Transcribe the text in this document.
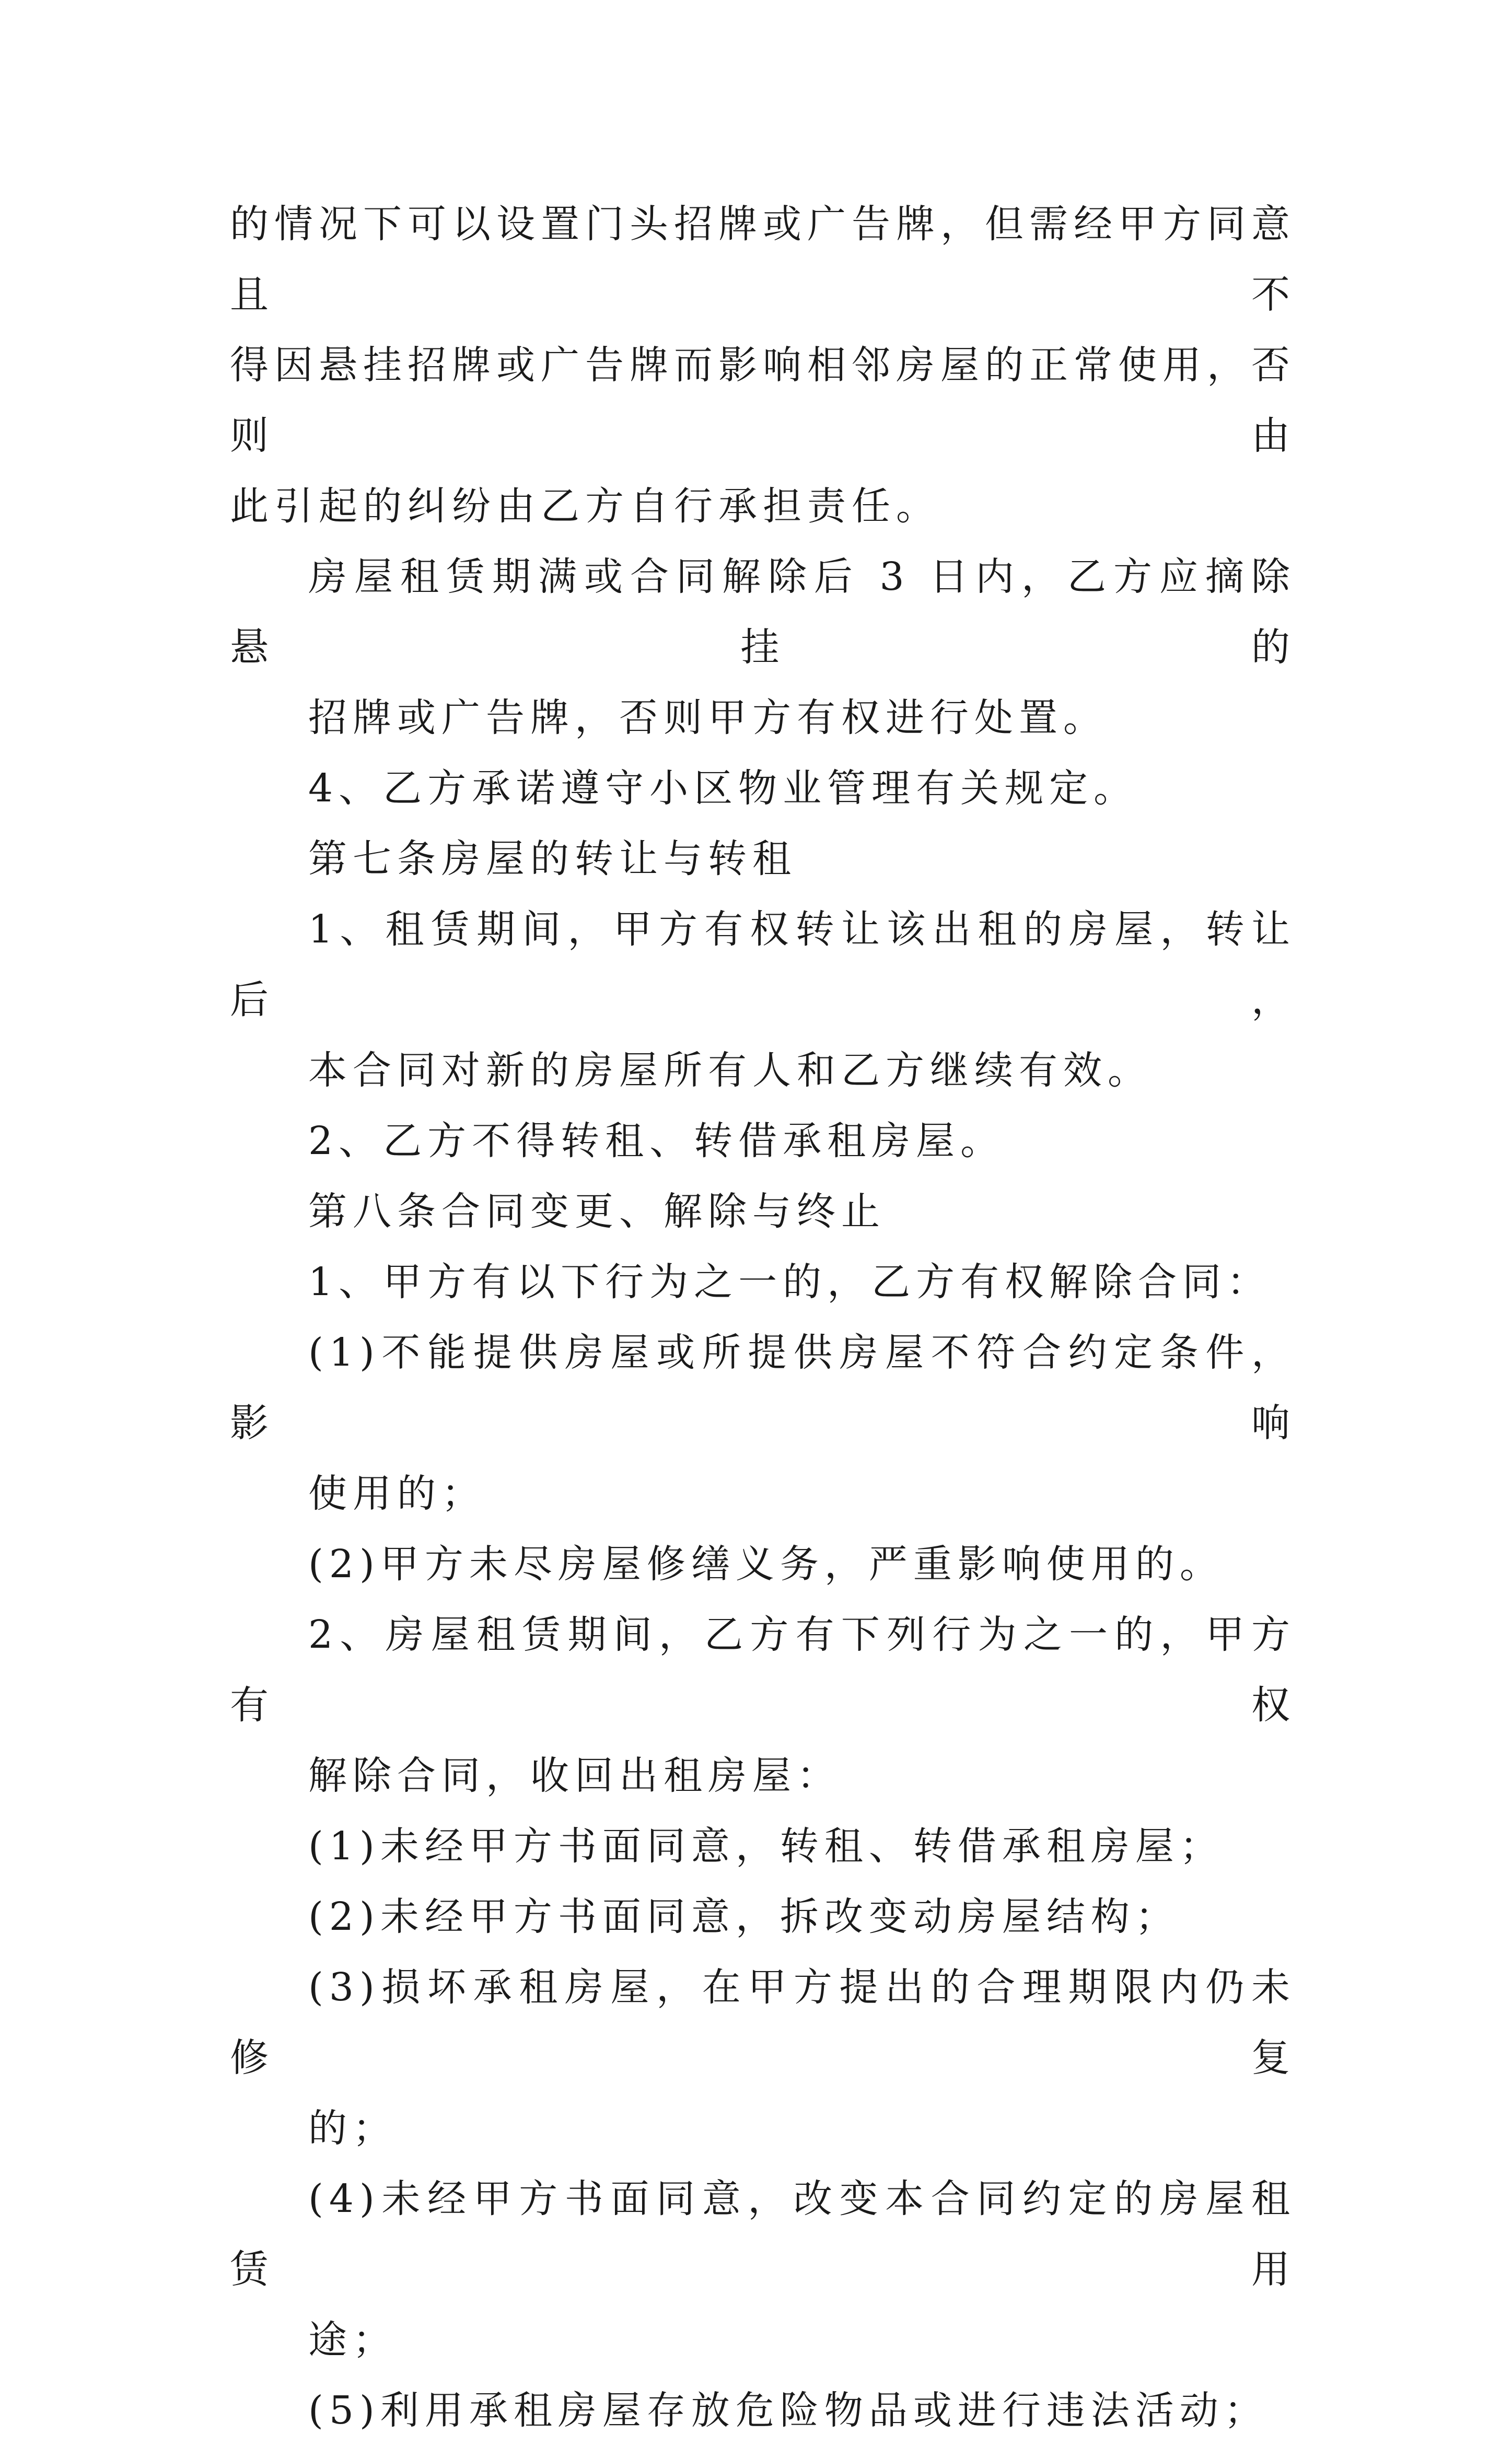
的情况下可以设置门头招牌或广告牌，但需经甲方同意且不
得因悬挂招牌或广告牌而影响相邻房屋的正常使用，否则由
此引起的纠纷由乙方自行承担责任。

房屋租赁期满或合同解除后 3 日内，乙方应摘除悬挂的
招牌或广告牌，否则甲方有权进行处置。

4、乙方承诺遵守小区物业管理有关规定。

第七条房屋的转让与转租

1、租赁期间，甲方有权转让该出租的房屋，转让后，
本合同对新的房屋所有人和乙方继续有效。

2、乙方不得转租、转借承租房屋。

第八条合同变更、解除与终止

1、甲方有以下行为之一的，乙方有权解除合同：

(1)不能提供房屋或所提供房屋不符合约定条件，影响
使用的；

(2)甲方未尽房屋修缮义务，严重影响使用的。

2、房屋租赁期间，乙方有下列行为之一的，甲方有权
解除合同，收回出租房屋：

(1)未经甲方书面同意，转租、转借承租房屋；

(2)未经甲方书面同意，拆改变动房屋结构；

(3)损坏承租房屋，在甲方提出的合理期限内仍未修复
的；

(4)未经甲方书面同意，改变本合同约定的房屋租赁用
途；

(5)利用承租房屋存放危险物品或进行违法活动；
